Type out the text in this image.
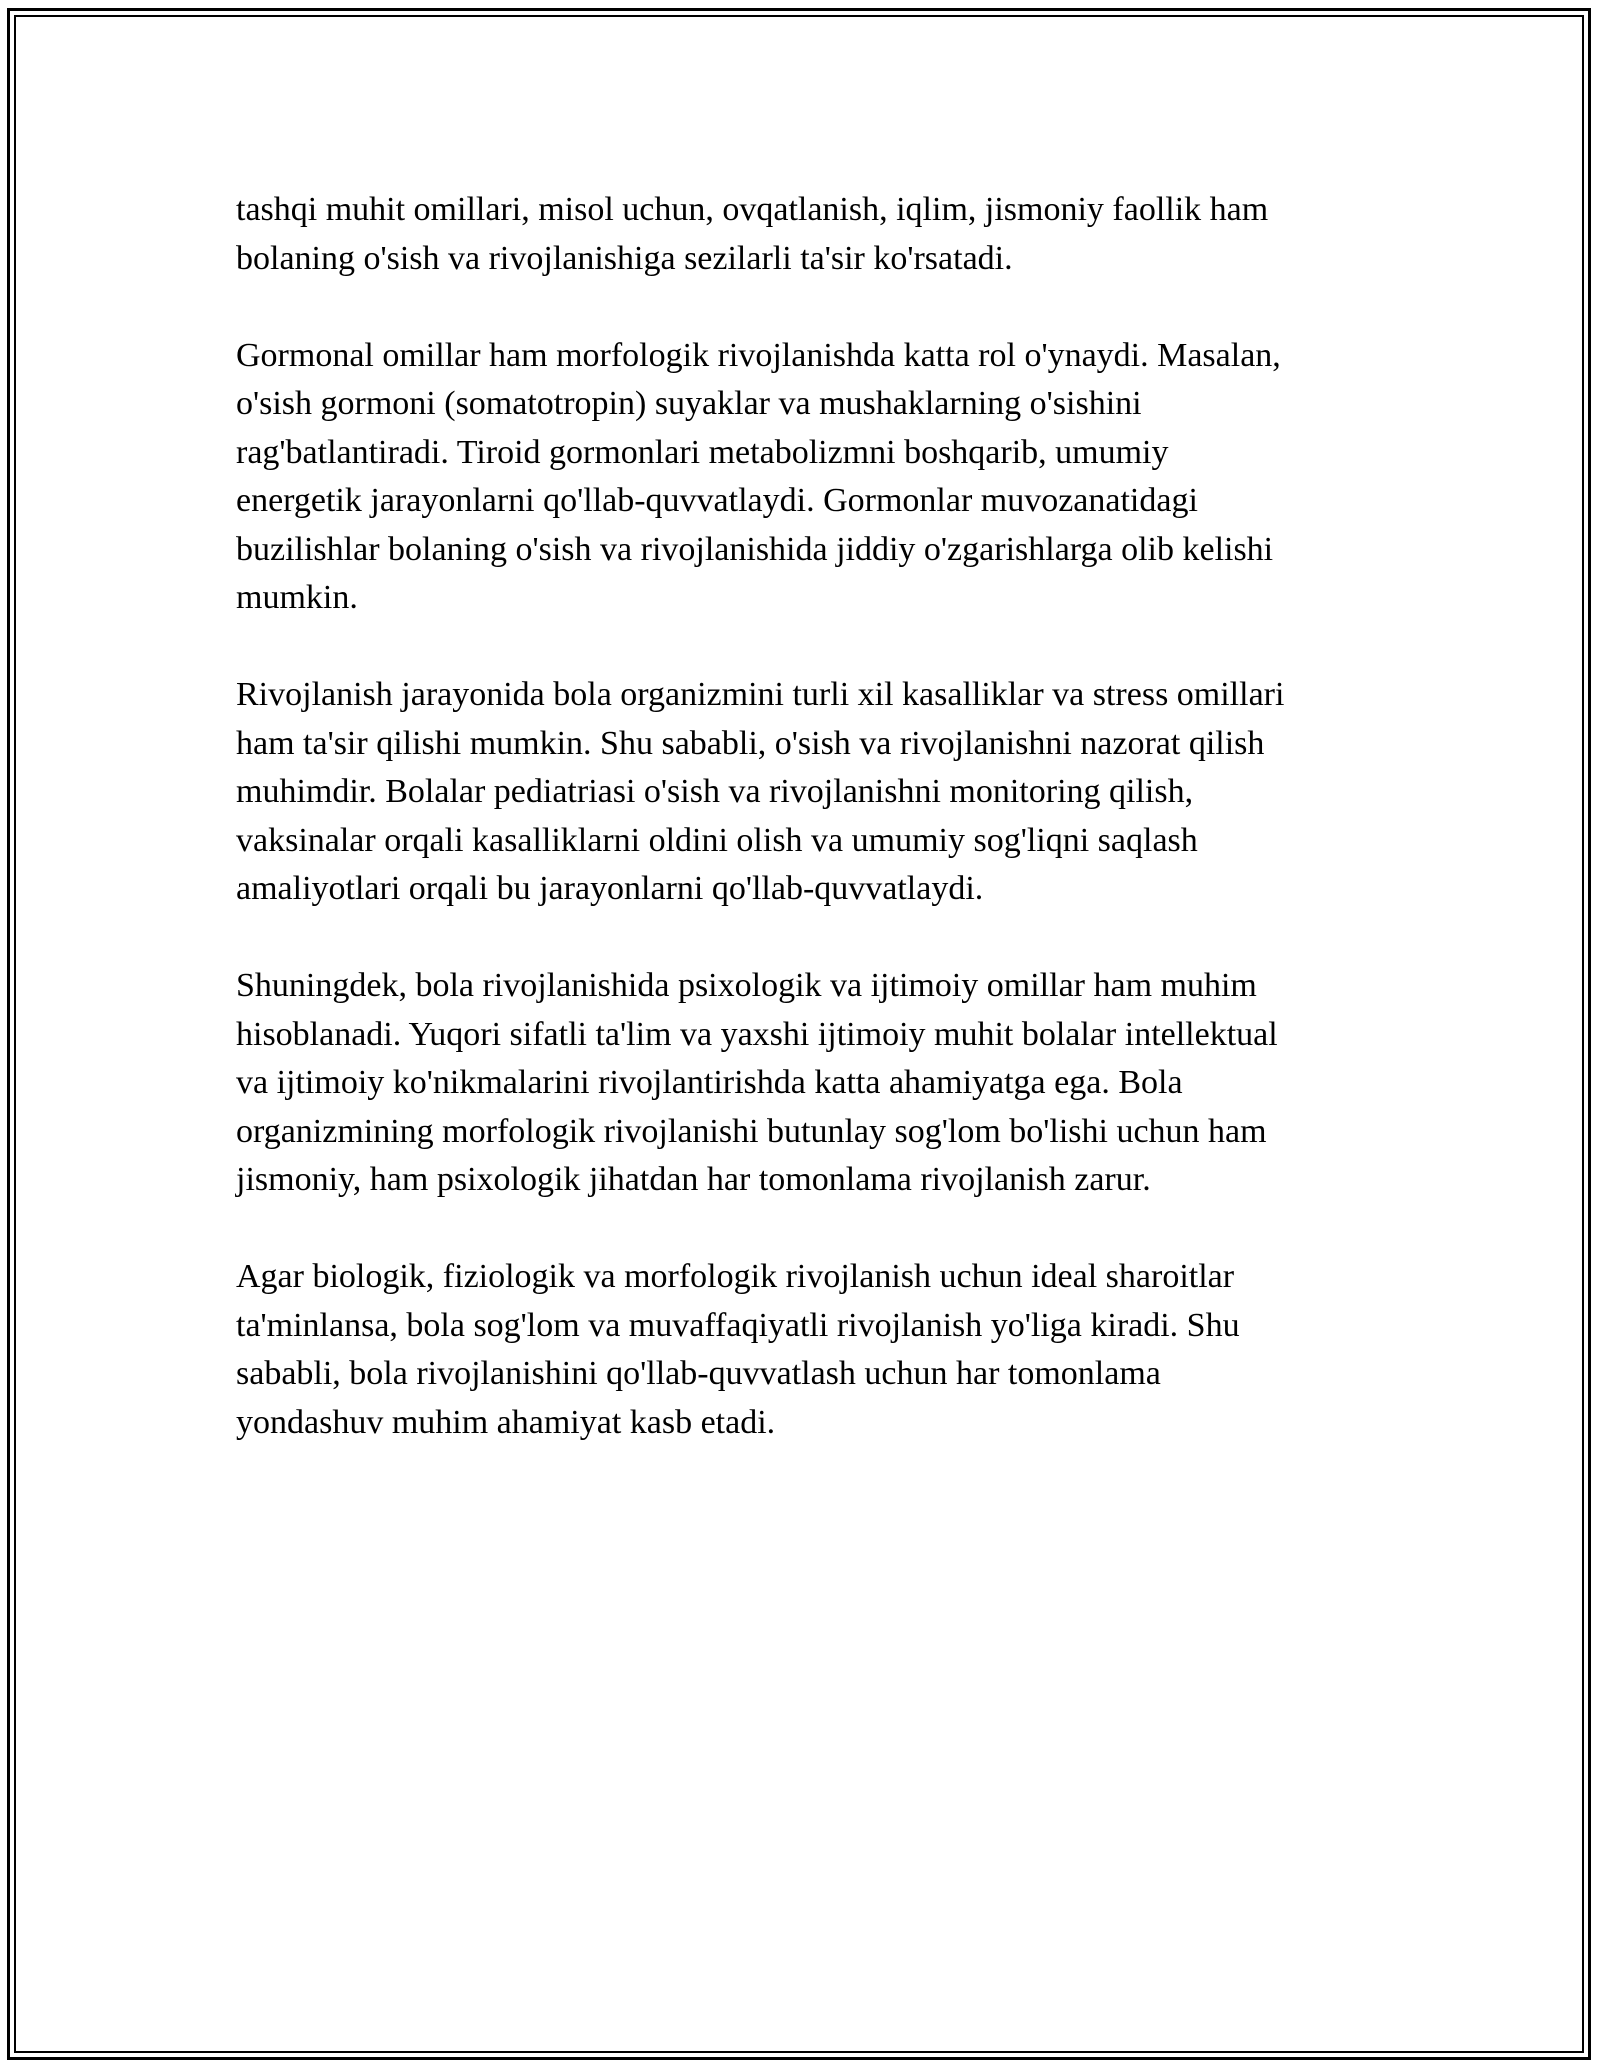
tashqi muhit omillari, misol uchun, ovqatlanish, iqlim, jismoniy faollik ham
bolaning o'sish va rivojlanishiga sezilarli ta'sir ko'rsatadi.

Gormonal omillar ham morfologik rivojlanishda katta rol o'ynaydi. Masalan,
o'sish gormoni (somatotropin) suyaklar va mushaklarning o'sishini
rag'batlantiradi. Tiroid gormonlari metabolizmni boshqarib, umumiy
energetik jarayonlarni qo'llab-quvvatlaydi. Gormonlar muvozanatidagi
buzilishlar bolaning o'sish va rivojlanishida jiddiy o'zgarishlarga olib kelishi
mumkin.

Rivojlanish jarayonida bola organizmini turli xil kasalliklar va stress omillari
ham ta'sir qilishi mumkin. Shu sababli, o'sish va rivojlanishni nazorat qilish
muhimdir. Bolalar pediatriasi o'sish va rivojlanishni monitoring qilish,
vaksinalar orqali kasalliklarni oldini olish va umumiy sog'liqni saqlash
amaliyotlari orqali bu jarayonlarni qo'llab-quvvatlaydi.

Shuningdek, bola rivojlanishida psixologik va ijtimoiy omillar ham muhim
hisoblanadi. Yuqori sifatli ta'lim va yaxshi ijtimoiy muhit bolalar intellektual
va ijtimoiy ko'nikmalarini rivojlantirishda katta ahamiyatga ega. Bola
organizmining morfologik rivojlanishi butunlay sog'lom bo'lishi uchun ham
jismoniy, ham psixologik jihatdan har tomonlama rivojlanish zarur.

Agar biologik, fiziologik va morfologik rivojlanish uchun ideal sharoitlar
ta'minlansa, bola sog'lom va muvaffaqiyatli rivojlanish yo'liga kiradi. Shu
sababli, bola rivojlanishini qo'llab-quvvatlash uchun har tomonlama
yondashuv muhim ahamiyat kasb etadi.
